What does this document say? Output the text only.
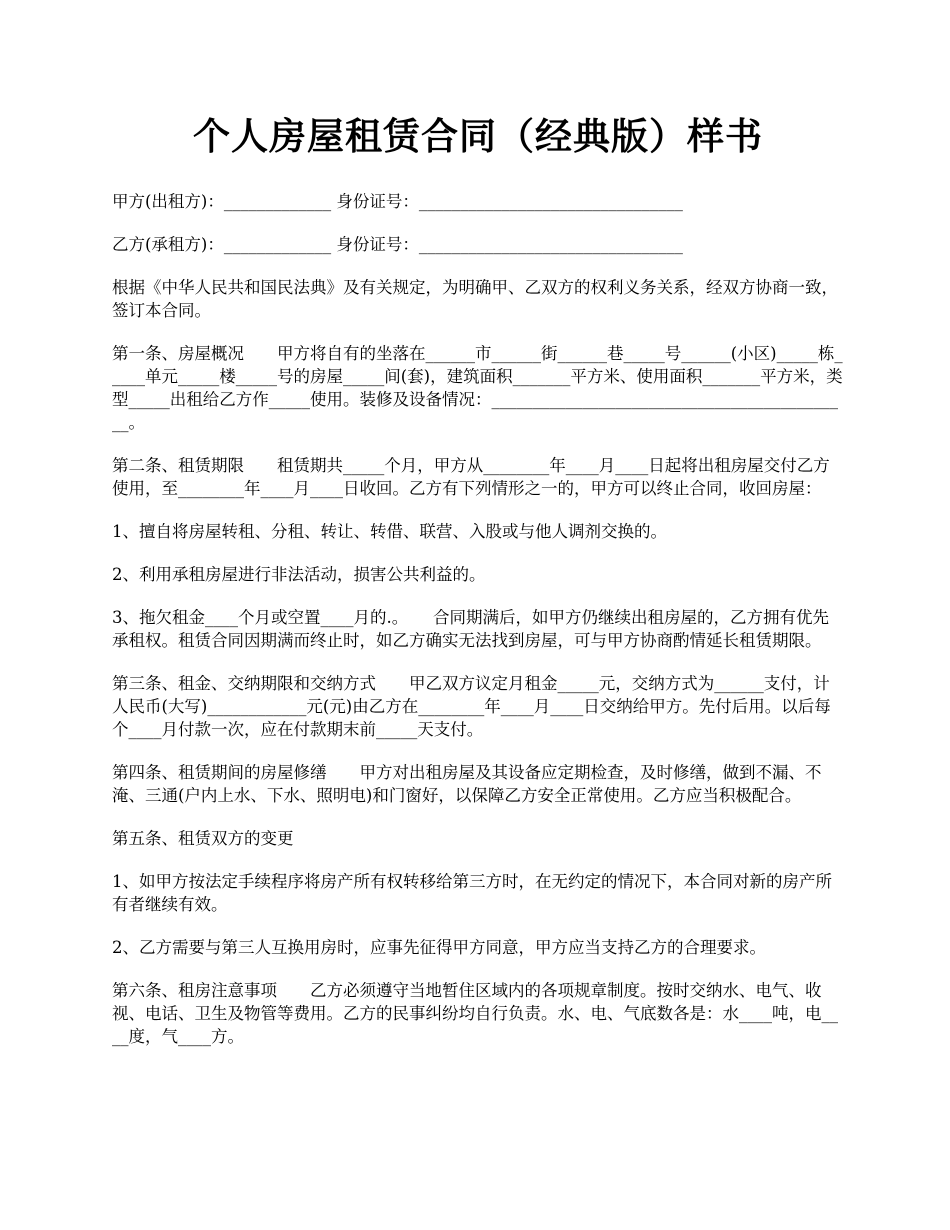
个人房屋租赁合同（经典版）样书

甲方(出租方)：_____________ 身份证号：________________________________

乙方(承租方)：_____________ 身份证号：________________________________

根据《中华人民共和国民法典》及有关规定，为明确甲、乙双方的权利义务关系，经双方协商一致，签订本合同。

第一条、房屋概况　　甲方将自有的坐落在______市______街______巷_____号______(小区)_____栋_____单元_____楼_____号的房屋_____间(套)，建筑面积_______平方米、使用面积_______平方米，类型_____出租给乙方作_____使用。装修及设备情况：____________________________________________。

第二条、租赁期限　　租赁期共_____个月，甲方从________年____月____日起将出租房屋交付乙方使用，至________年____月____日收回。乙方有下列情形之一的，甲方可以终止合同，收回房屋：

1、擅自将房屋转租、分租、转让、转借、联营、入股或与他人调剂交换的。

2、利用承租房屋进行非法活动，损害公共利益的。

3、拖欠租金____个月或空置____月的.。　　合同期满后，如甲方仍继续出租房屋的，乙方拥有优先承租权。租赁合同因期满而终止时，如乙方确实无法找到房屋，可与甲方协商酌情延长租赁期限。

第三条、租金、交纳期限和交纳方式　　甲乙双方议定月租金_____元，交纳方式为______支付，计人民币(大写)____________元(元)由乙方在________年____月____日交纳给甲方。先付后用。以后每个____月付款一次，应在付款期末前_____天支付。

第四条、租赁期间的房屋修缮　　甲方对出租房屋及其设备应定期检查，及时修缮，做到不漏、不淹、三通(户内上水、下水、照明电)和门窗好，以保障乙方安全正常使用。乙方应当积极配合。

第五条、租赁双方的变更

1、如甲方按法定手续程序将房产所有权转移给第三方时，在无约定的情况下，本合同对新的房产所有者继续有效。

2、乙方需要与第三人互换用房时，应事先征得甲方同意，甲方应当支持乙方的合理要求。

第六条、租房注意事项　　乙方必须遵守当地暂住区域内的各项规章制度。按时交纳水、电气、收视、电话、卫生及物管等费用。乙方的民事纠纷均自行负责。水、电、气底数各是：水____吨，电____度，气____方。
